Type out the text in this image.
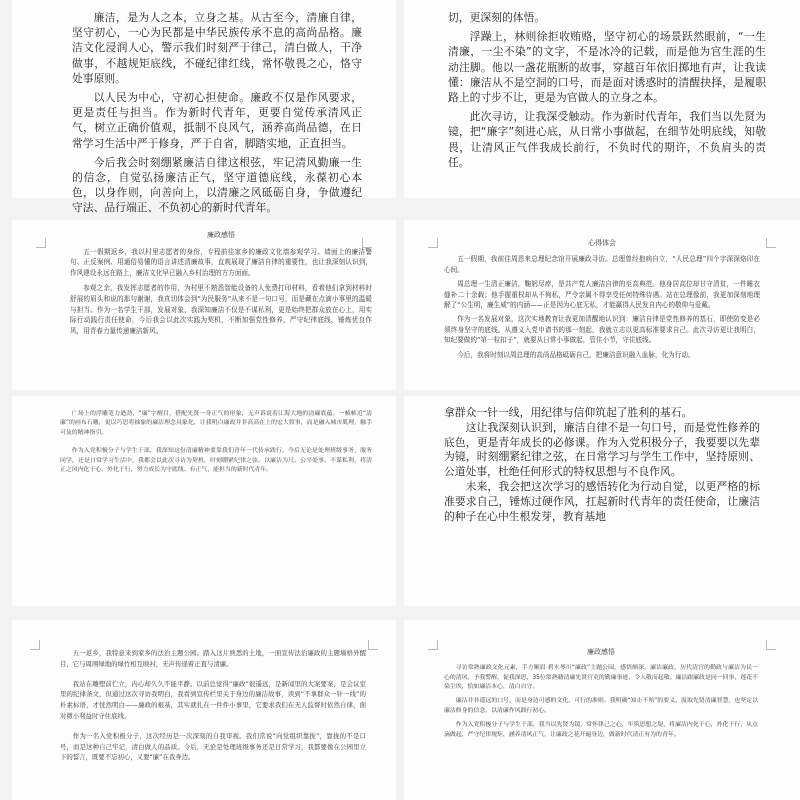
廉洁，是为人之本，立身之基。从古至今，清廉自律，坚守初心，一心为民都是中华民族传承不息的高尚品格。廉洁文化浸润人心，警示我们时刻严于律己，清白做人，干净做事，不越规矩底线，不碰纪律红线，常怀敬畏之心，恪守处事原则。

以人民为中心，守初心担使命。廉政不仅是作风要求，更是责任与担当。作为新时代青年，更要自觉传承清风正气，树立正确价值观，抵制不良风气，涵养高尚品德，在日常学习生活中严于修身，严于自省，脚踏实地，正直担当。

今后我会时刻绷紧廉洁自律这根弦，牢记清风勤廉一生的信念，自觉弘扬廉洁正气，坚守道德底线，永葆初心本色，以身作则，向善向上，以清廉之风砥砺自身，争做遵纪守法、品行端正、不负初心的新时代青年。

切，更深刻的体悟。

浮躁上，林则徐拒收贿赂，坚守初心的场景跃然眼前，“一生清廉，一尘不染”的文字，不是冰冷的记载，而是他为官生涯的生动注脚。他以一盏花瓶断的故事，穿越百年依旧掷地有声，让我读懂：廉洁从不是空洞的口号，而是面对诱惑时的清醒抉择，是履职路上的寸步不让，更是为官做人的立身之本。

此次寻访，让我深受触动。作为新时代青年，我们当以先贤为镜，把“廉字”刻进心底，从日常小事做起，在细节处明底线，知敬畏，让清风正气伴我成长前行，不负时代的期许，不负肩头的责任。

廉政感悟

五一假期返乡，我以村里志愿者的身份，专程前往家乡的廉政文化墙参观学习。墙面上的廉洁警句、正反案例、用通俗易懂的语言讲述清廉故事，直观展现了廉洁自律的重要性，也让我深刻认识到，作风建设永远在路上，廉洁文化早已融入乡村治理的方方面面。

参观之余，我发挥志愿者的作用，为村里不熟悉智能设备的人免费打印材料，看着他们拿到材料时舒展的眉头和说的那句谢谢，我真切体会到“为民服务”从来不是一句口号，而是藏在点滴小事里的温暖与担当。作为一名学生干部，发展对象，我深知廉洁不仅是不谋私利，更是始终把群众放在心上，用实际行动践行责任使命，今后我会以此次实践为契机，不断加强党性修养，严守纪律底线，锤炼优良作风，用青春力量传递廉洁新风。

心得体会

五一假期，我前往周恩来总理纪念馆开展廉政寻访。总理曾经抱病自立，“人民总理”四个字深深烙印在心间。

周总理一生清正廉洁，鞠躬尽瘁，是共产党人廉洁自律的至高典范。他身居高位却甘守清贫，一件睡衣缝补二十余载；他手握重权却从不徇私，严令亲属不得享受任何特殊待遇。站在总理像前，我更加深刻地理解了“公生明，廉生威”的内涵——正是因为心底无私，才能赢得人民发自内心的敬仰与爱戴。

作为一名发展对象，这次实地教育让我更加清醒地认识到：廉洁自律是党性修养的基石，即使防变是必须终身坚守的底线。从遵义入党申请书的那一刻起，我就立志以更高标准要求自己。此次寻访更让我明白，知纪要做的“第一粒扣子”，就要从日常小事做起，管住小节，守住底线。

今后，我将时刻以周总理的高尚品格砥砺自己，把廉洁意识融入血脉，化为行动。

广场上的浮雕笔力遒劲，“廉”字醒目，搭配先贤一身正气的形象，无声诉说着江海大地的清廉底蕴。一帧帧近“清廉”的画布石雕，更以巧思将抽象的廉洁理念具象化，让我明白廉政并非高高在上的宏大叙事，而是融入城市肌理，触手可及的精神指引。

作为入党积极分子与学生干部，我深知这份清廉精神要靠我们青年一代传承践行。今后无论是处理班级事务，服务同学，还是日常学习生活中，我都会以此次寻访为契机，时刻绷紧纪律之弦，以廉洁为尺、公平处事、不谋私利，将清正之风内化于心、外化于行，努力成长为守底线、有正气、能担当的新时代青年。

拿群众一针一线，用纪律与信仰筑起了胜利的基石。

这让我深刻认识到，廉洁自律不是一句口号，而是党性修养的底色，更是青年成长的必修课。作为入党积极分子，我要要以先辈为镜，时刻绷紧纪律之弦，在日常学习与学生工作中，坚持原则、公道处事，杜绝任何形式的特权思想与不良作风。

未来，我会把这次学习的感悟转化为行动自觉，以更严格的标准要求自己，锤炼过硬作风，扛起新时代青年的责任使命，让廉洁的种子在心中生根发芽，教育基地

五一返乡，我特意来到家乡的法治主题公园。踏入这片熟悉的土地，一面宣传法治廉政的主题墙格外醒目，它与周围绿地的绿竹相互映衬，无声传递着正直与清廉。

我站在雕塑前伫立，内心却久久不能平静。以前总觉得“廉政”很遥远，是新闻里的大案要案，是会议室里的纪律条文，但通过这次寻访我明白，我看到宣传栏里关于身边的廉洁故事，读到“不拿群众一针一线”的朴素标语，才恍然明白——廉政的根基，其实就扎在一件件小事里，它要求我们在无人监督时依然自律，面对微小利益时守住底线。

作为一名入党积极分子，这次经历是一次深刻的自我审视。我们常说“向党组织靠拢”，靠拢的不是口号，而是这种自己牢记，清白做人的品质。今后，无论是处理班级事务还是日常学习，我都要像在公园里立下的誓言，既要不忘初心，又要“廉”在我身边。

廉政感悟

寻访常熟廉政文化元素，手方顺眉 碧水琴川“廉政”主题公园，感悟颇深，廉洁廉政，历代清官的勤政与廉洁为民一心的清风，予我警醒，促我深思，35位常熟籍清廉先贤官吏的勤廉事迹，令人敬而起敬。廉洁跟廉政是同一回事，莲花不染尘埃，恰如廉洁本心，清白自守。

廉洁并非遥远的口号，而是身边可感的文化，可行的准则。我明确“知止不殆”的要义，汲取先贤清廉智慧，也坚定以廉洁修身的信念，以清廉作风践行初心。

作为入党积极分子与学生干部，我当以先贤为镜，常怀律己之心，牢筑思想之堤，将廉洁内化于心，外化于行，从点滴做起，严守纪律规矩，涵养清风正气，让廉政之花开遍身边，做新时代清正有为的青年。
